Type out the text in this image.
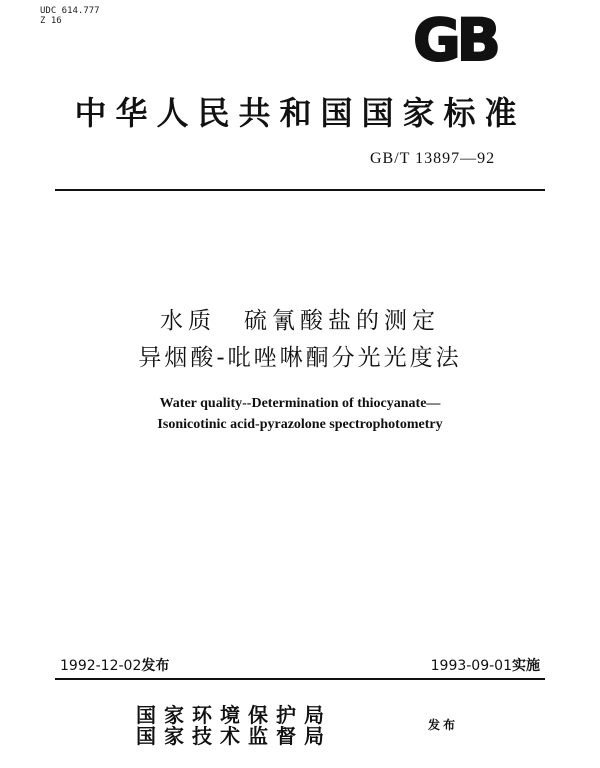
UDC 614.777
Z 16	GB
中华人民共和国国家标准
GB/T 13897—92
水质 硫氰酸盐的测定
异烟酸-吡唑啉酮分光光度法
Water quality--Determination of thiocyanate—
Isonicotinic acid-pyrazolone spectrophotometry
1992-12-02发布	1993-09-01实施
国家环境保护局
国家技术监督局	发布
